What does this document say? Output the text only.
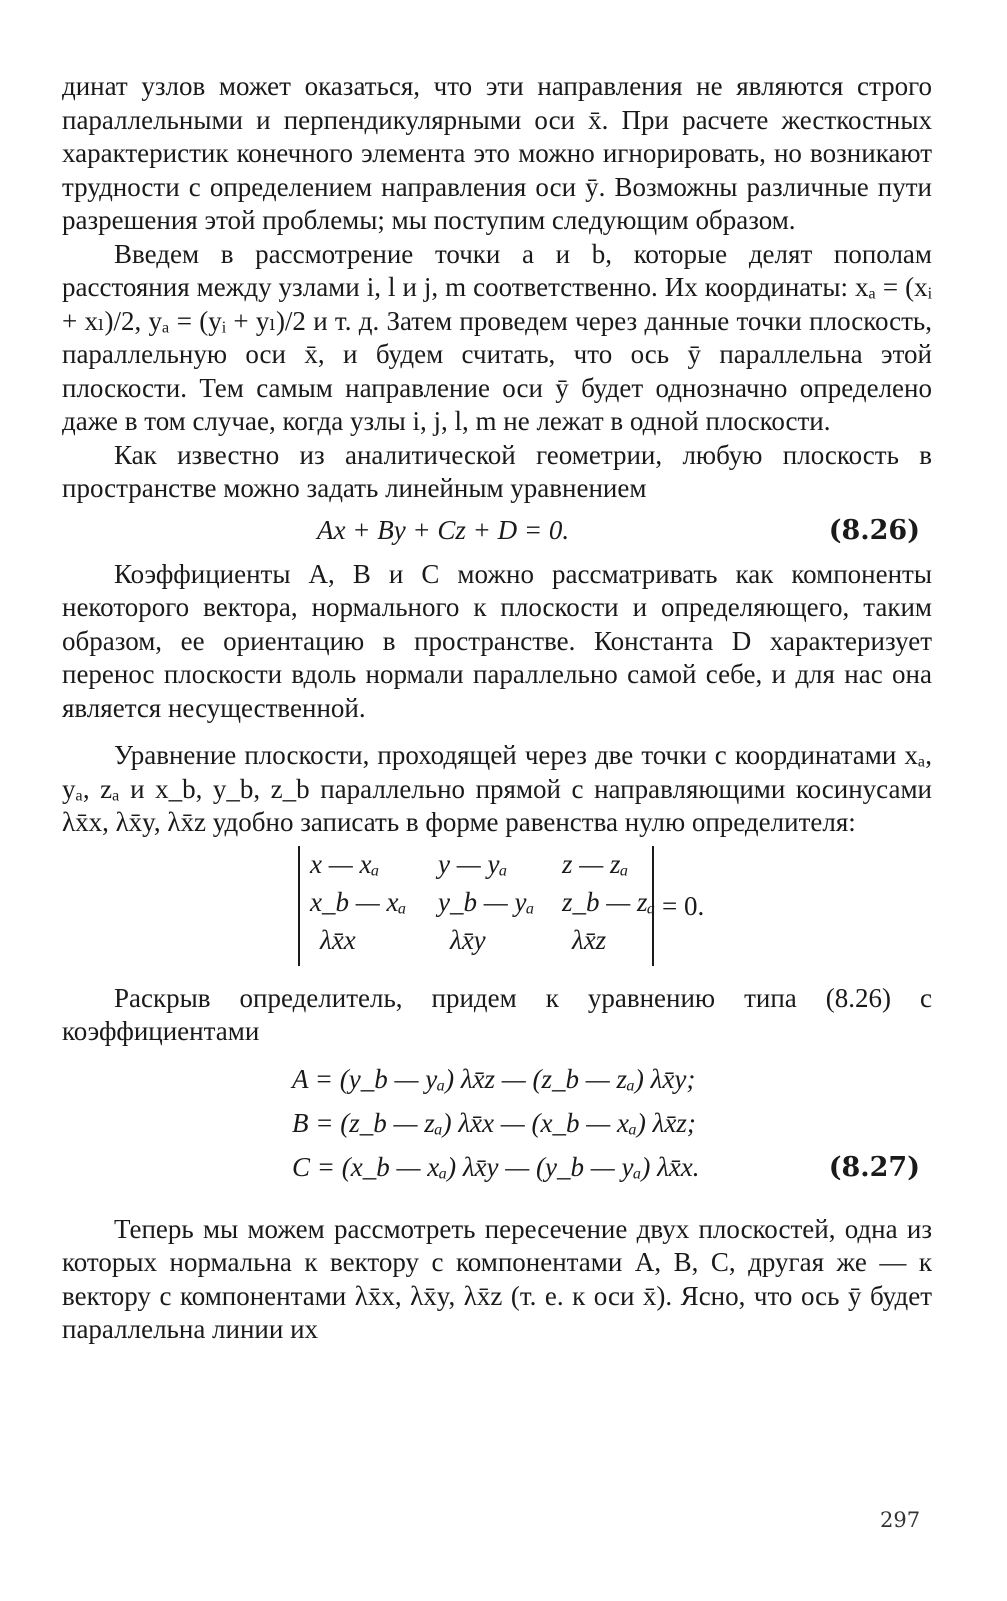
динат узлов может оказаться, что эти направления не являются строго параллельными и перпендикулярными оси x̄. При расчете жесткостных характеристик конечного элемента это можно игнорировать, но возникают трудности с определением направления оси ȳ. Возможны различные пути разрешения этой проблемы; мы поступим следующим образом.

Введем в рассмотрение точки a и b, которые делят пополам расстояния между узлами i, l и j, m соответственно. Их координаты: xₐ = (xᵢ + xₗ)/2, yₐ = (yᵢ + yₗ)/2 и т. д. Затем проведем через данные точки плоскость, параллельную оси x̄, и будем считать, что ось ȳ параллельна этой плоскости. Тем самым направление оси ȳ будет однозначно определено даже в том случае, когда узлы i, j, l, m не лежат в одной плоскости.

Как известно из аналитической геометрии, любую плоскость в пространстве можно задать линейным уравнением

Ax + By + Cz + D = 0.	(8.26)

Коэффициенты A, B и C можно рассматривать как компоненты некоторого вектора, нормального к плоскости и определяющего, таким образом, ее ориентацию в пространстве. Константа D характеризует перенос плоскости вдоль нормали параллельно самой себе, и для нас она является несущественной.

Уравнение плоскости, проходящей через две точки с координатами xₐ, yₐ, zₐ и x_b, y_b, z_b параллельно прямой с направляющими косинусами λx̄x, λx̄y, λx̄z удобно записать в форме равенства нулю определителя:

x — xₐ y — yₐ z — zₐ
x_b — xₐ y_b — yₐ z_b — zₐ
λx̄x	λx̄y	λx̄z
= 0.

Раскрыв определитель, придем к уравнению типа (8.26) с коэффициентами

A = (y_b — yₐ) λx̄z — (z_b — zₐ) λx̄y;
B = (z_b — zₐ) λx̄x — (x_b — xₐ) λx̄z;
C = (x_b — xₐ) λx̄y — (y_b — yₐ) λx̄x.	(8.27)

Теперь мы можем рассмотреть пересечение двух плоскостей, одна из которых нормальна к вектору с компонентами A, B, C, другая же — к вектору с компонентами λx̄x, λx̄y, λx̄z (т. е. к оси x̄). Ясно, что ось ȳ будет параллельна линии их

297
